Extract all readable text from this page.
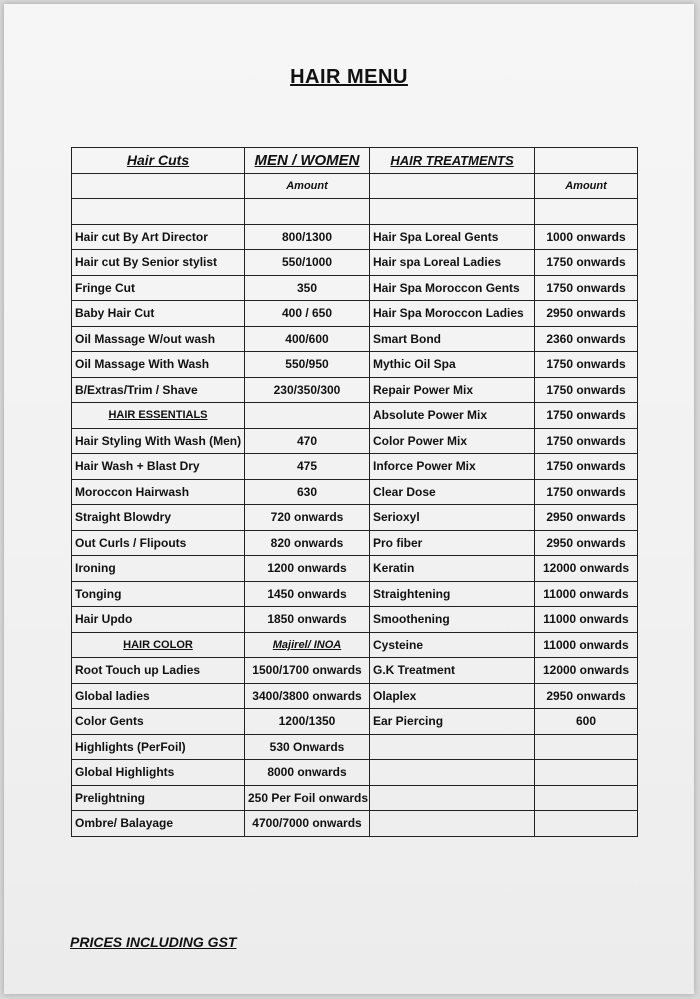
HAIR MENU
Hair Cuts	MEN / WOMEN	HAIR TREATMENTS	
	Amount		Amount

Hair cut By Art Director	800/1300	Hair Spa Loreal Gents	1000 onwards
Hair cut By Senior stylist	550/1000	Hair spa Loreal Ladies	1750 onwards
Fringe Cut	350	Hair Spa Moroccon Gents	1750 onwards
Baby Hair Cut	400 / 650	Hair Spa Moroccon Ladies	2950 onwards
Oil Massage W/out wash	400/600	Smart Bond	2360 onwards
Oil Massage With Wash	550/950	Mythic Oil Spa	1750 onwards
B/Extras/Trim / Shave	230/350/300	Repair Power Mix	1750 onwards
HAIR ESSENTIALS		Absolute Power Mix	1750 onwards
Hair Styling With Wash (Men)	470	Color Power Mix	1750 onwards
Hair Wash + Blast Dry	475	Inforce Power Mix	1750 onwards
Moroccon Hairwash	630	Clear Dose	1750 onwards
Straight Blowdry	720 onwards	Serioxyl	2950 onwards
Out Curls / Flipouts	820 onwards	Pro fiber	2950 onwards
Ironing	1200 onwards	Keratin	12000 onwards
Tonging	1450 onwards	Straightening	11000 onwards
Hair Updo	1850 onwards	Smoothening	11000 onwards
HAIR COLOR	Majirel/ INOA	Cysteine	11000 onwards
Root Touch up Ladies	1500/1700 onwards	G.K Treatment	12000 onwards
Global ladies	3400/3800 onwards	Olaplex	2950 onwards
Color Gents	1200/1350	Ear Piercing	600
Highlights (PerFoil)	530 Onwards		
Global Highlights	8000 onwards		
Prelightning	250 Per Foil onwards		
Ombre/ Balayage	4700/7000 onwards		
PRICES INCLUDING GST
